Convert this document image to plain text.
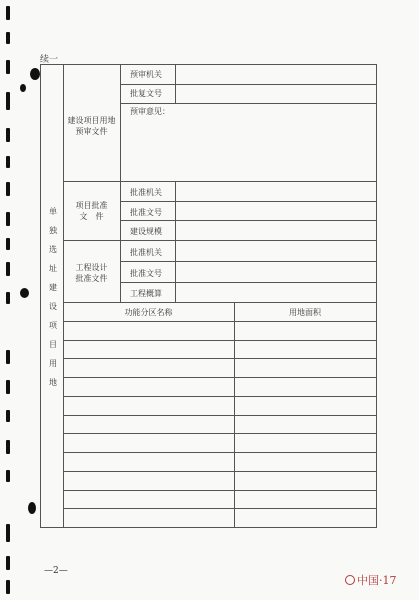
续一
单
独
选
址
建
设
项
目
用
地
建设项目用地
预审文件
预审机关
批复文号
预审意见：
项目批准
文　件
批准机关
批准文号
建设规模
工程设计
批准文件
批准机关
批准文号
工程概算
功能分区名称	用地面积
—2—
中国·17
